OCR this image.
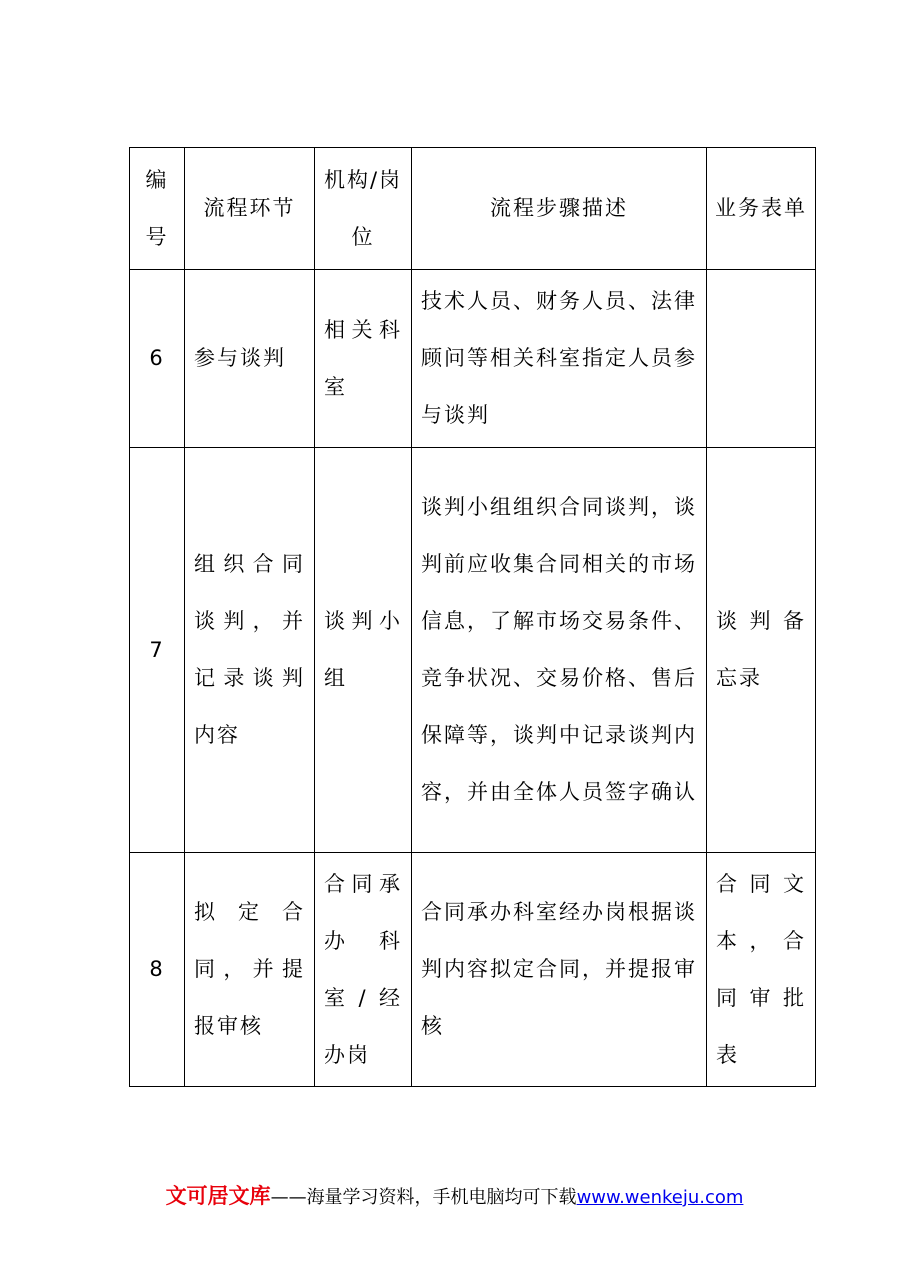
编号	流程环节	机构/岗位	流程步骤描述	业务表单
6	参与谈判	相关科室	技术人员、财务人员、法律顾问等相关科室指定人员参与谈判	
7	组织合同谈判，并记录谈判内容	谈判小组	谈判小组组织合同谈判，谈判前应收集合同相关的市场信息，了解市场交易条件、竞争状况、交易价格、售后保障等，谈判中记录谈判内容，并由全体人员签字确认	谈判备忘录
8	拟定合同，并提报审核	合同承办科室/经办岗	合同承办科室经办岗根据谈判内容拟定合同，并提报审核	合同文本，合同审批表
文可居文库——海量学习资料，手机电脑均可下载www.wenkeju.com
